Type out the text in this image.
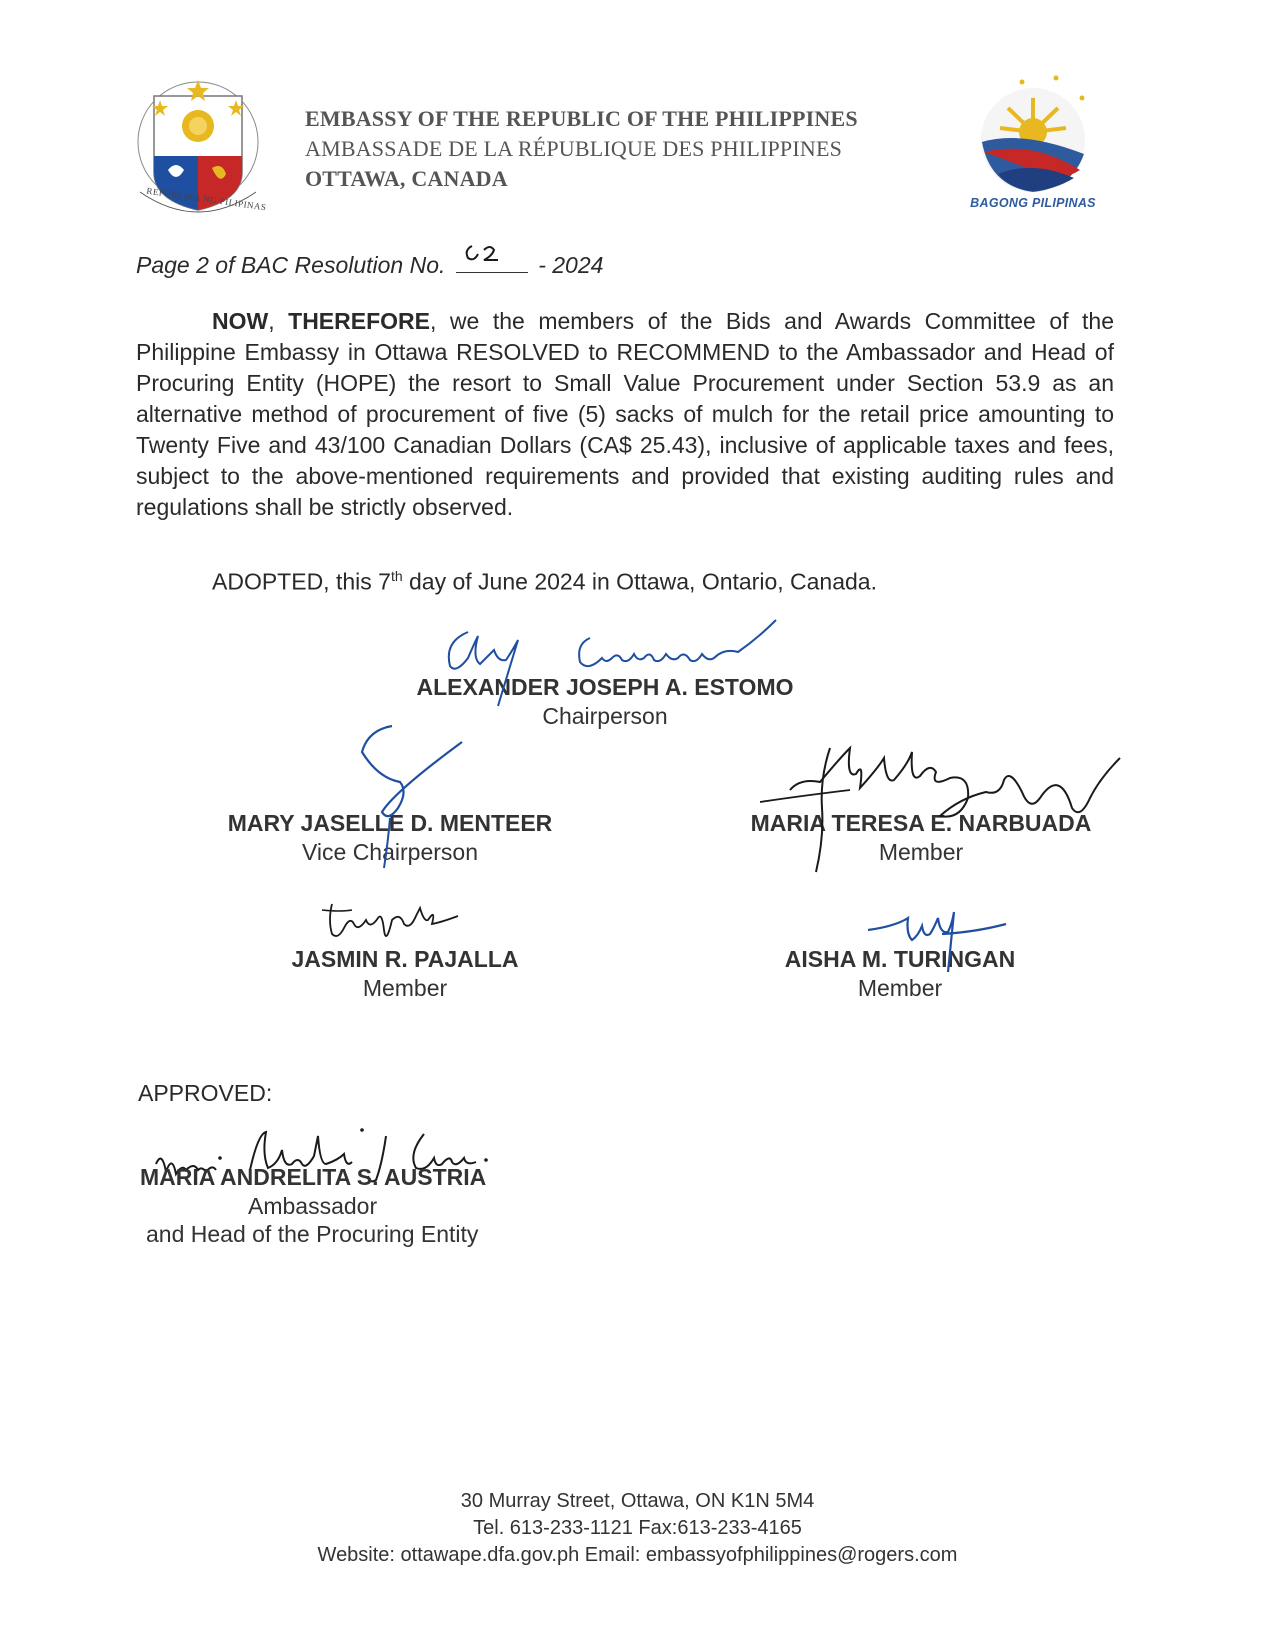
REPUBLIKA NG PILIPINAS
EMBASSY OF THE REPUBLIC OF THE PHILIPPINES
AMBASSADE DE LA RÉPUBLIQUE DES PHILIPPINES
OTTAWA, CANADA
BAGONG PILIPINAS
Page 2 of BAC Resolution No.	- 2024

NOW, THEREFORE, we the members of the Bids and Awards Committee of the Philippine Embassy in Ottawa RESOLVED to RECOMMEND to the Ambassador and Head of Procuring Entity (HOPE) the resort to Small Value Procurement under Section 53.9 as an alternative method of procurement of five (5) sacks of mulch for the retail price amounting to Twenty Five and 43/100 Canadian Dollars (CA$ 25.43), inclusive of applicable taxes and fees, subject to the above-mentioned requirements and provided that existing auditing rules and regulations shall be strictly observed.

ADOPTED, this 7th day of June 2024 in Ottawa, Ontario, Canada.
ALEXANDER JOSEPH A. ESTOMO
Chairperson
MARY JASELLE D. MENTEER
Vice Chairperson
MARIA TERESA E. NARBUADA
Member
JASMIN R. PAJALLA
Member
AISHA M. TURINGAN
Member
APPROVED:
MARIA ANDRELITA S. AUSTRIA
Ambassador
and Head of the Procuring Entity
30 Murray Street, Ottawa, ON K1N 5M4
Tel. 613-233-1121 Fax:613-233-4165
Website: ottawape.dfa.gov.ph Email: embassyofphilippines@rogers.com
